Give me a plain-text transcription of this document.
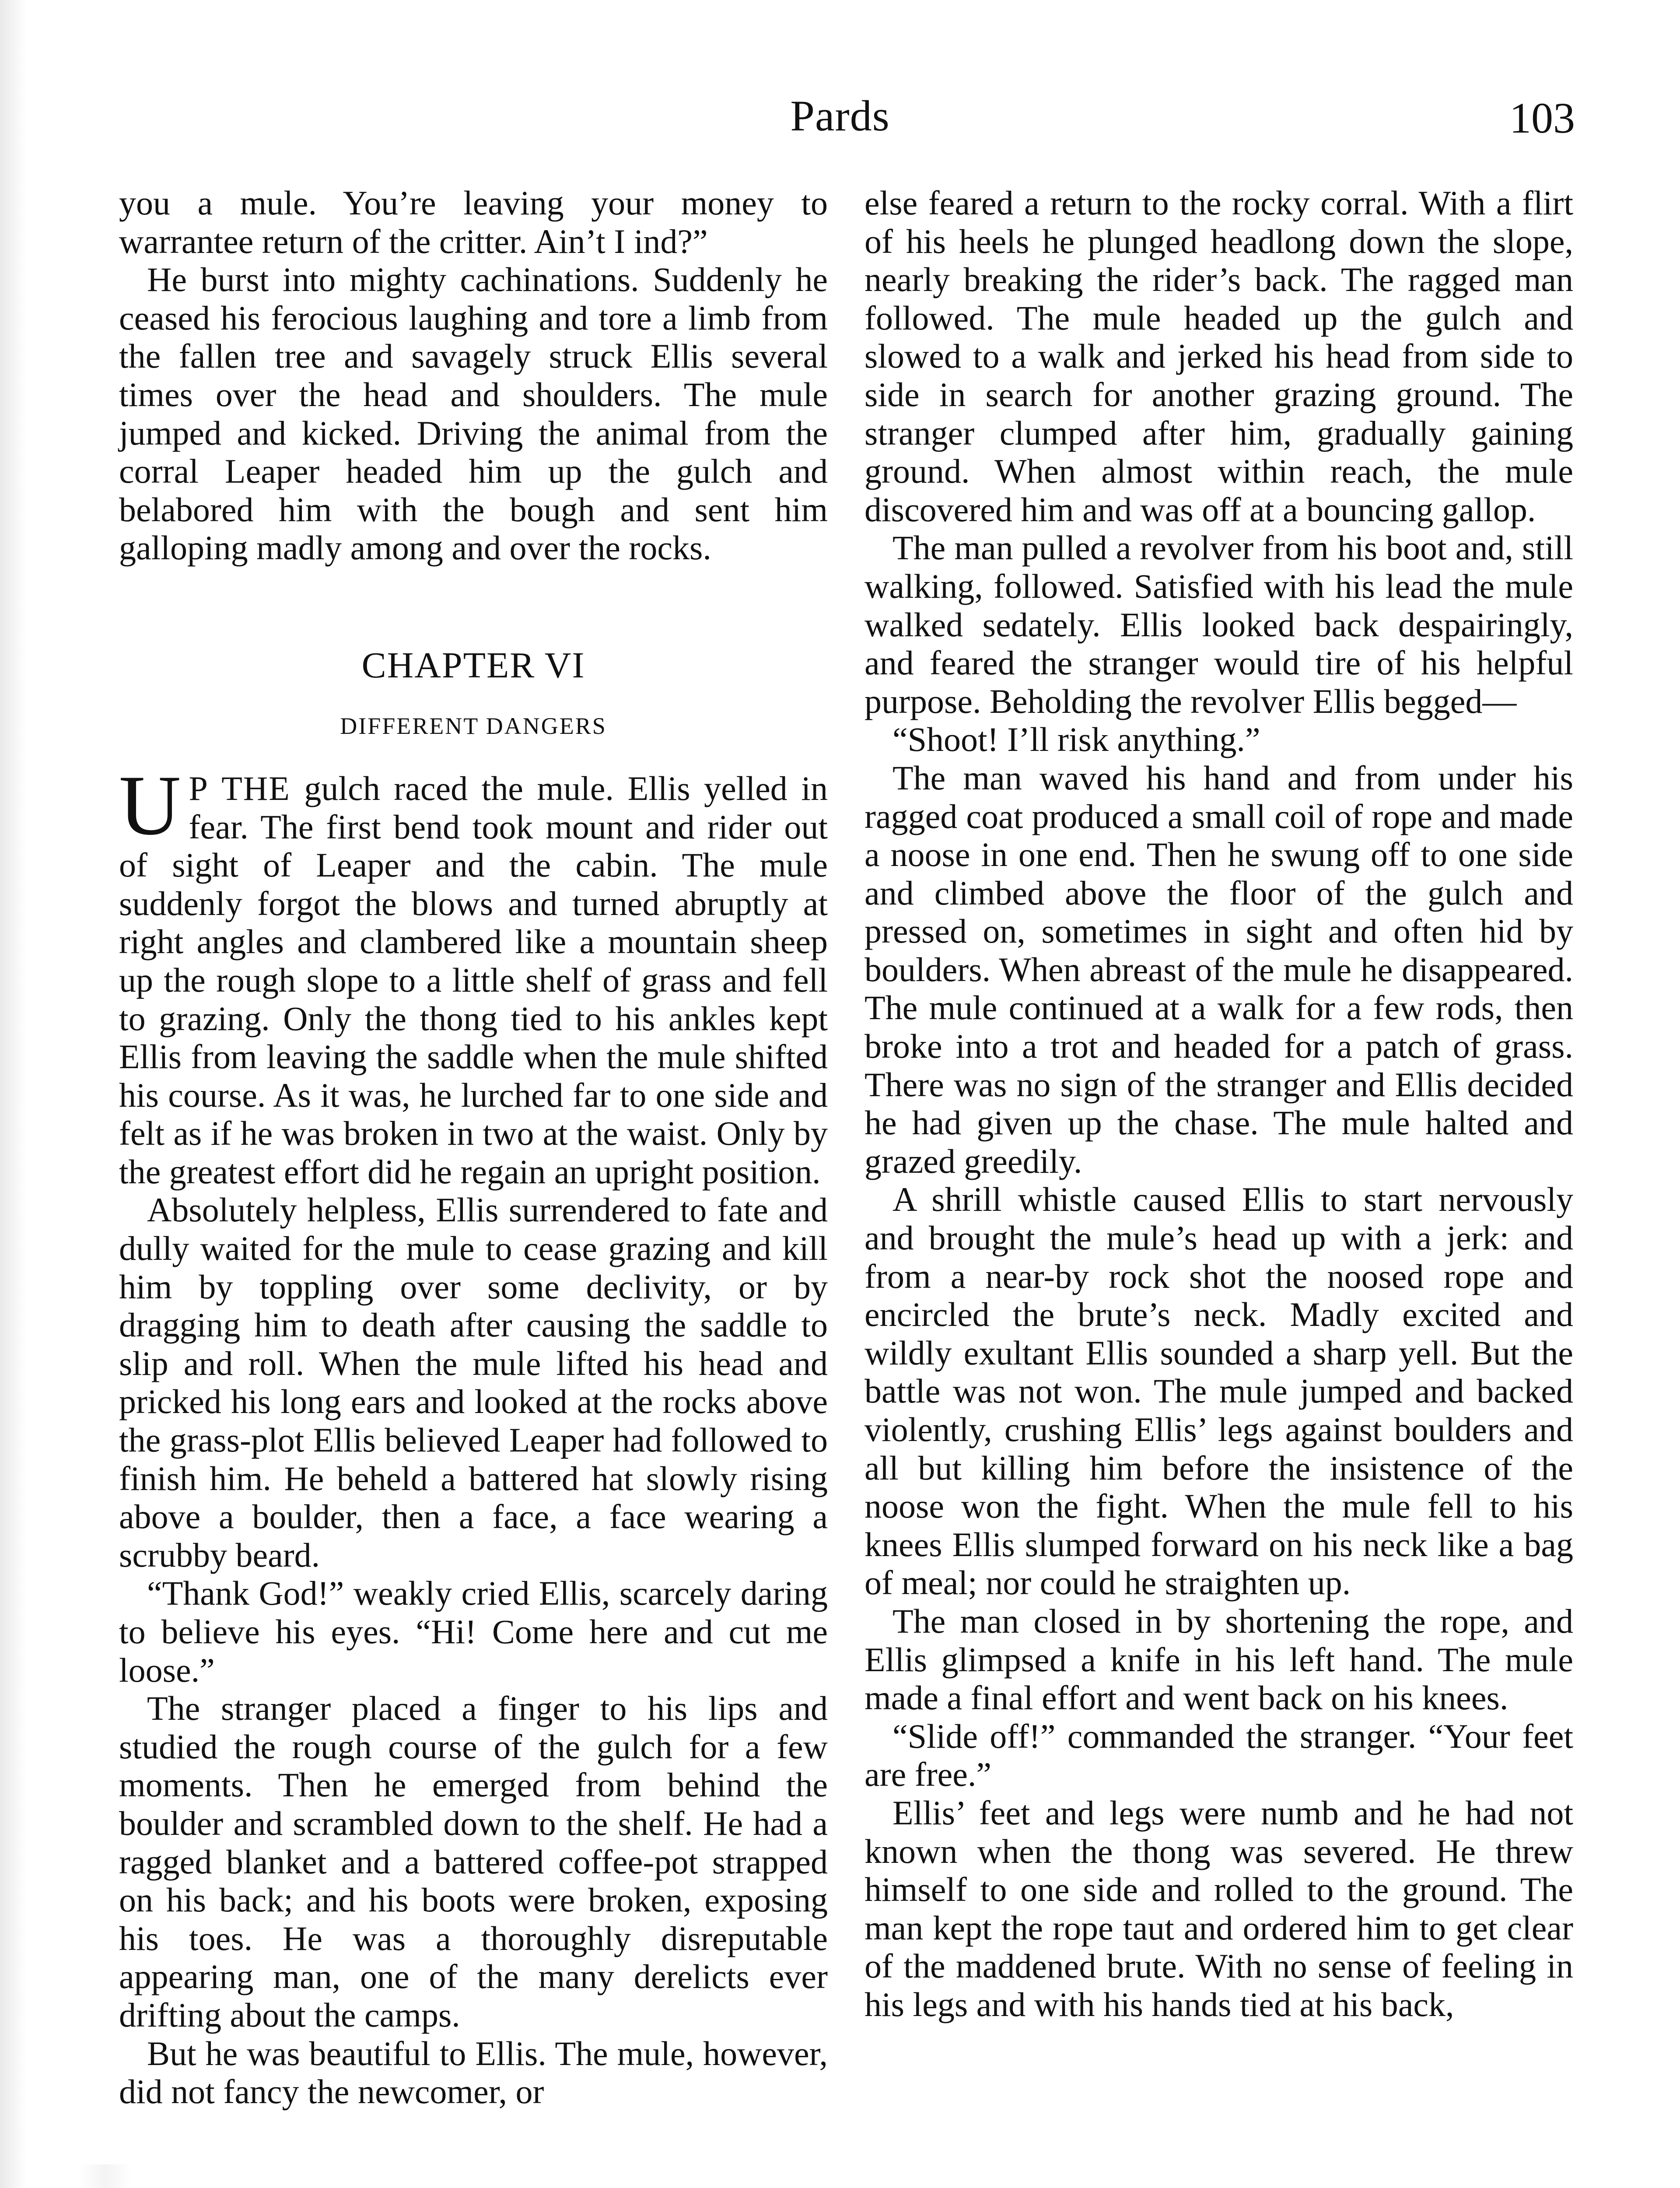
Pards	103

you a mule. You’re leaving your money to warrantee return of the critter. Ain’t I ind?”

He burst into mighty cachinations. Suddenly he ceased his ferocious laughing and tore a limb from the fallen tree and savagely struck Ellis several times over the head and shoulders. The mule jumped and kicked. Driving the animal from the corral Leaper headed him up the gulch and belabored him with the bough and sent him galloping madly among and over the rocks.

CHAPTER VI
DIFFERENT DANGERS

U P THE gulch raced the mule. Ellis yelled in fear. The first bend took mount and rider out of sight of Leaper and the cabin. The mule suddenly forgot the blows and turned abruptly at right angles and clambered like a mountain sheep up the rough slope to a little shelf of grass and fell to grazing. Only the thong tied to his ankles kept Ellis from leaving the saddle when the mule shifted his course. As it was, he lurched far to one side and felt as if he was broken in two at the waist. Only by the greatest effort did he regain an upright position.

Absolutely helpless, Ellis surrendered to fate and dully waited for the mule to cease grazing and kill him by toppling over some declivity, or by dragging him to death after causing the saddle to slip and roll. When the mule lifted his head and pricked his long ears and looked at the rocks above the grass-plot Ellis believed Leaper had followed to finish him. He beheld a battered hat slowly rising above a boulder, then a face, a face wearing a scrubby beard.

“Thank God!” weakly cried Ellis, scarcely daring to believe his eyes. “Hi! Come here and cut me loose.”

The stranger placed a finger to his lips and studied the rough course of the gulch for a few moments. Then he emerged from behind the boulder and scrambled down to the shelf. He had a ragged blanket and a battered coffee-pot strapped on his back; and his boots were broken, exposing his toes. He was a thoroughly disreputable appearing man, one of the many derelicts ever drifting about the camps.

But he was beautiful to Ellis. The mule, however, did not fancy the newcomer, or

else feared a return to the rocky corral. With a flirt of his heels he plunged headlong down the slope, nearly breaking the rider’s back. The ragged man followed. The mule headed up the gulch and slowed to a walk and jerked his head from side to side in search for another grazing ground. The stranger clumped after him, gradually gaining ground. When almost within reach, the mule discovered him and was off at a bouncing gallop.

The man pulled a revolver from his boot and, still walking, followed. Satisfied with his lead the mule walked sedately. Ellis looked back despairingly, and feared the stranger would tire of his helpful purpose. Beholding the revolver Ellis begged—

“Shoot! I’ll risk anything.”

The man waved his hand and from under his ragged coat produced a small coil of rope and made a noose in one end. Then he swung off to one side and climbed above the floor of the gulch and pressed on, sometimes in sight and often hid by boulders. When abreast of the mule he disappeared. The mule continued at a walk for a few rods, then broke into a trot and headed for a patch of grass. There was no sign of the stranger and Ellis decided he had given up the chase. The mule halted and grazed greedily.

A shrill whistle caused Ellis to start nervously and brought the mule’s head up with a jerk: and from a near-by rock shot the noosed rope and encircled the brute’s neck. Madly excited and wildly exultant Ellis sounded a sharp yell. But the battle was not won. The mule jumped and backed violently, crushing Ellis’ legs against boulders and all but killing him before the insistence of the noose won the fight. When the mule fell to his knees Ellis slumped forward on his neck like a bag of meal; nor could he straighten up.

The man closed in by shortening the rope, and Ellis glimpsed a knife in his left hand. The mule made a final effort and went back on his knees.

“Slide off!” commanded the stranger. “Your feet are free.”

Ellis’ feet and legs were numb and he had not known when the thong was severed. He threw himself to one side and rolled to the ground. The man kept the rope taut and ordered him to get clear of the maddened brute. With no sense of feeling in his legs and with his hands tied at his back,
